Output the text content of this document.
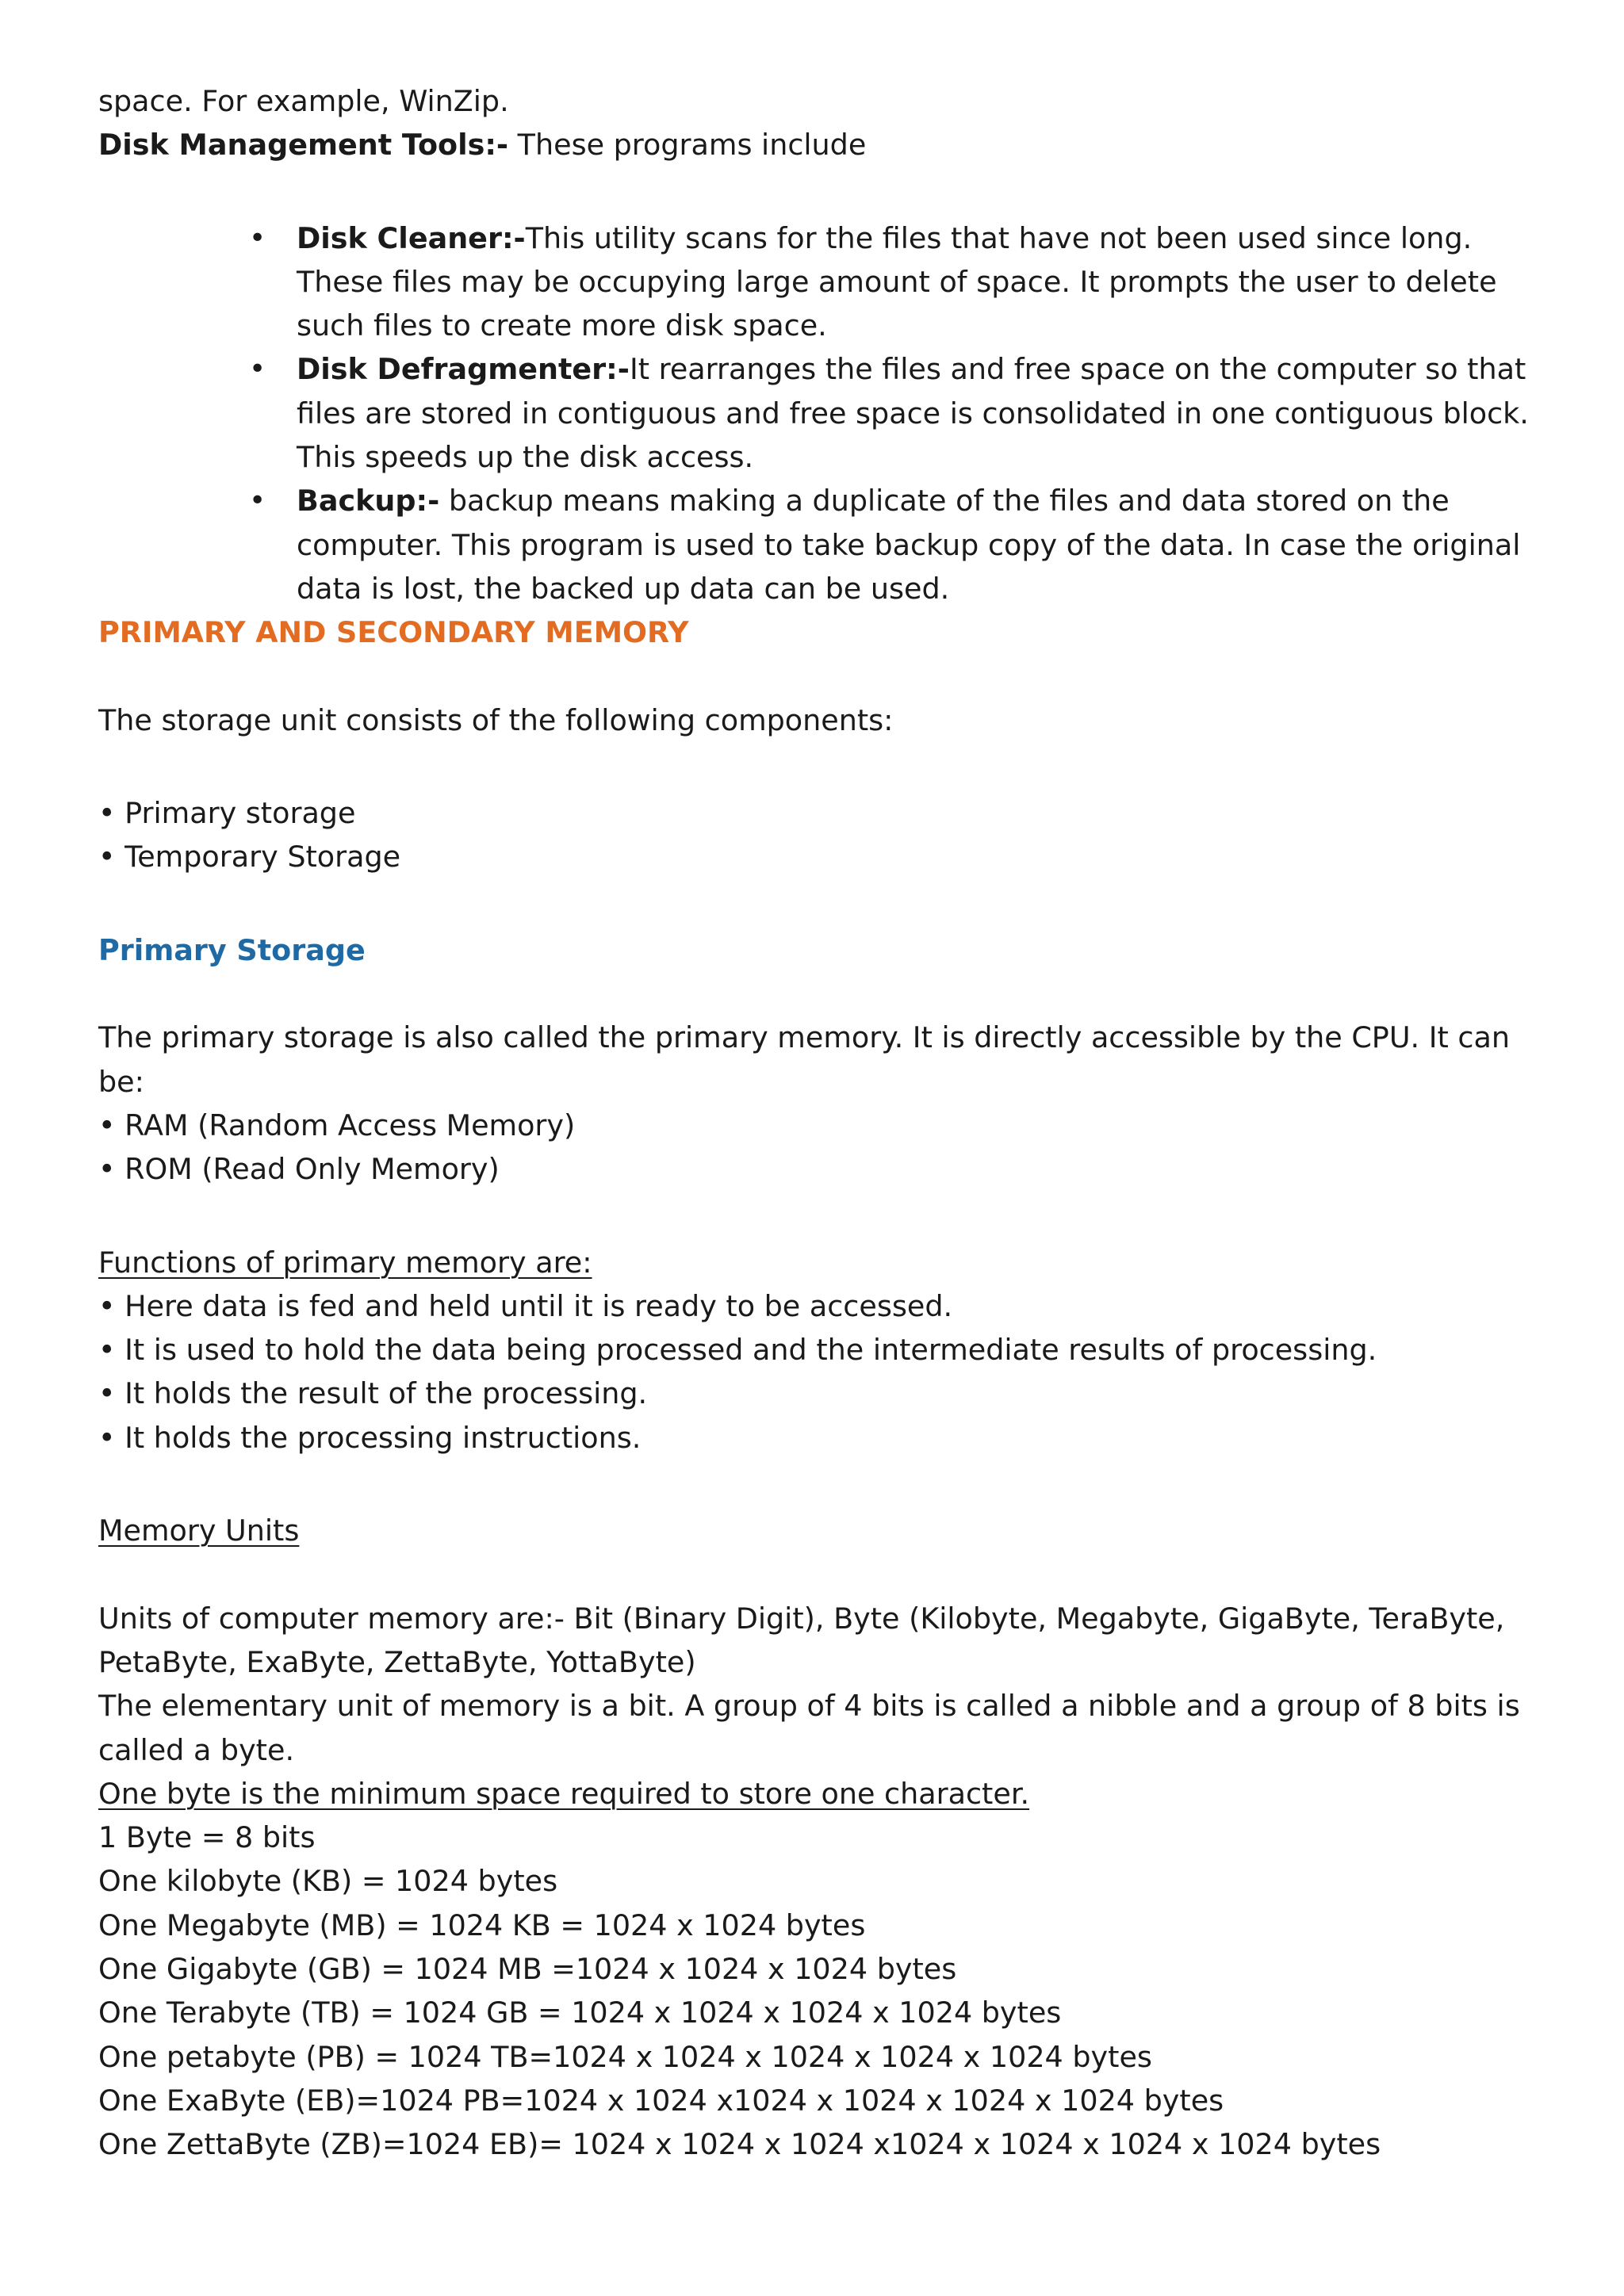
space. For example, WinZip.
Disk Management Tools:- These programs include
• Disk Cleaner:-This utility scans for the files that have not been used since long.
These files may be occupying large amount of space. It prompts the user to delete
such files to create more disk space.
• Disk Defragmenter:-It rearranges the files and free space on the computer so that
files are stored in contiguous and free space is consolidated in one contiguous block.
This speeds up the disk access.
• Backup:- backup means making a duplicate of the files and data stored on the
computer. This program is used to take backup copy of the data. In case the original
data is lost, the backed up data can be used.
PRIMARY AND SECONDARY MEMORY
The storage unit consists of the following components:
• Primary storage
• Temporary Storage
Primary Storage
The primary storage is also called the primary memory. It is directly accessible by the CPU. It can
be:
• RAM (Random Access Memory)
• ROM (Read Only Memory)
Functions of primary memory are:
• Here data is fed and held until it is ready to be accessed.
• It is used to hold the data being processed and the intermediate results of processing.
• It holds the result of the processing.
• It holds the processing instructions.
Memory Units
Units of computer memory are:- Bit (Binary Digit), Byte (Kilobyte, Megabyte, GigaByte, TeraByte,
PetaByte, ExaByte, ZettaByte, YottaByte)
The elementary unit of memory is a bit. A group of 4 bits is called a nibble and a group of 8 bits is
called a byte.
One byte is the minimum space required to store one character.
1 Byte = 8 bits
One kilobyte (KB) = 1024 bytes
One Megabyte (MB) = 1024 KB = 1024 x 1024 bytes
One Gigabyte (GB) = 1024 MB =1024 x 1024 x 1024 bytes
One Terabyte (TB) = 1024 GB = 1024 x 1024 x 1024 x 1024 bytes
One petabyte (PB) = 1024 TB=1024 x 1024 x 1024 x 1024 x 1024 bytes
One ExaByte (EB)=1024 PB=1024 x 1024 x1024 x 1024 x 1024 x 1024 bytes
One ZettaByte (ZB)=1024 EB)= 1024 x 1024 x 1024 x1024 x 1024 x 1024 x 1024 bytes
